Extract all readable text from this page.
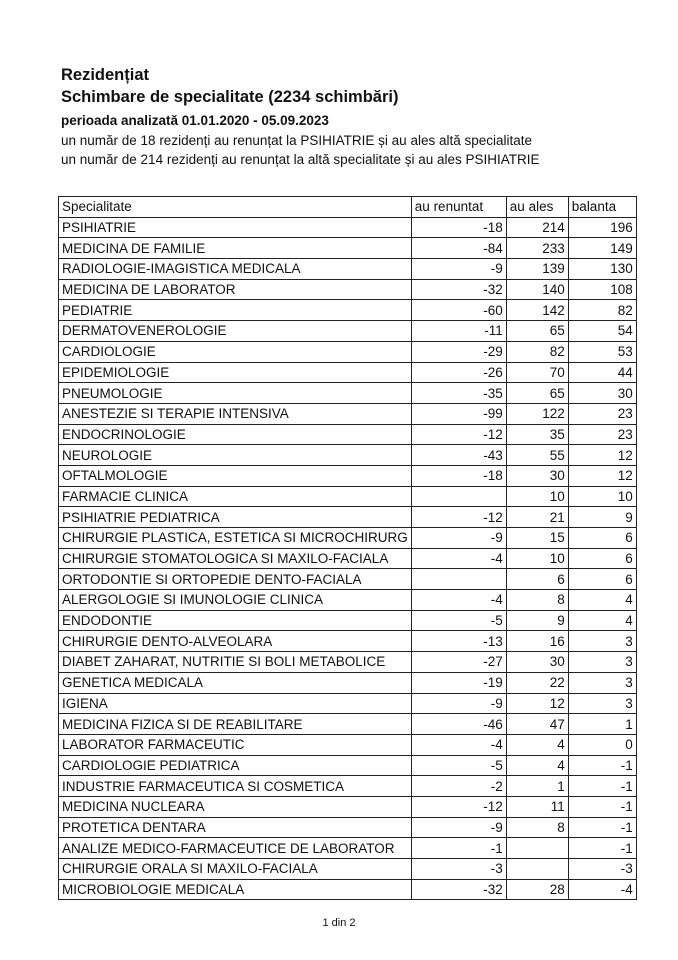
Rezidențiat

Schimbare de specialitate (2234 schimbări)

perioada analizată 01.01.2020 - 05.09.2023

un număr de 18 rezidenți au renunțat la PSIHIATRIE și au ales altă specialitate

un număr de 214 rezidenți au renunțat la altă specialitate și au ales PSIHIATRIE

Specialitate	au renuntat	au ales	balanta
PSIHIATRIE	-18	214	196
MEDICINA DE FAMILIE	-84	233	149
RADIOLOGIE-IMAGISTICA MEDICALA	-9	139	130
MEDICINA DE LABORATOR	-32	140	108
PEDIATRIE	-60	142	82
DERMATOVENEROLOGIE	-11	65	54
CARDIOLOGIE	-29	82	53
EPIDEMIOLOGIE	-26	70	44
PNEUMOLOGIE	-35	65	30
ANESTEZIE SI TERAPIE INTENSIVA	-99	122	23
ENDOCRINOLOGIE	-12	35	23
NEUROLOGIE	-43	55	12
OFTALMOLOGIE	-18	30	12
FARMACIE CLINICA		10	10
PSIHIATRIE PEDIATRICA	-12	21	9
CHIRURGIE PLASTICA, ESTETICA SI MICROCHIRURG	-9	15	6
CHIRURGIE STOMATOLOGICA SI MAXILO-FACIALA	-4	10	6
ORTODONTIE SI ORTOPEDIE DENTO-FACIALA		6	6
ALERGOLOGIE SI IMUNOLOGIE CLINICA	-4	8	4
ENDODONTIE	-5	9	4
CHIRURGIE DENTO-ALVEOLARA	-13	16	3
DIABET ZAHARAT, NUTRITIE SI BOLI METABOLICE	-27	30	3
GENETICA MEDICALA	-19	22	3
IGIENA	-9	12	3
MEDICINA FIZICA SI DE REABILITARE	-46	47	1
LABORATOR FARMACEUTIC	-4	4	0
CARDIOLOGIE PEDIATRICA	-5	4	-1
INDUSTRIE FARMACEUTICA SI COSMETICA	-2	1	-1
MEDICINA NUCLEARA	-12	11	-1
PROTETICA DENTARA	-9	8	-1
ANALIZE MEDICO-FARMACEUTICE DE LABORATOR	-1		-1
CHIRURGIE ORALA SI MAXILO-FACIALA	-3		-3
MICROBIOLOGIE MEDICALA	-32	28	-4
1 din 2
